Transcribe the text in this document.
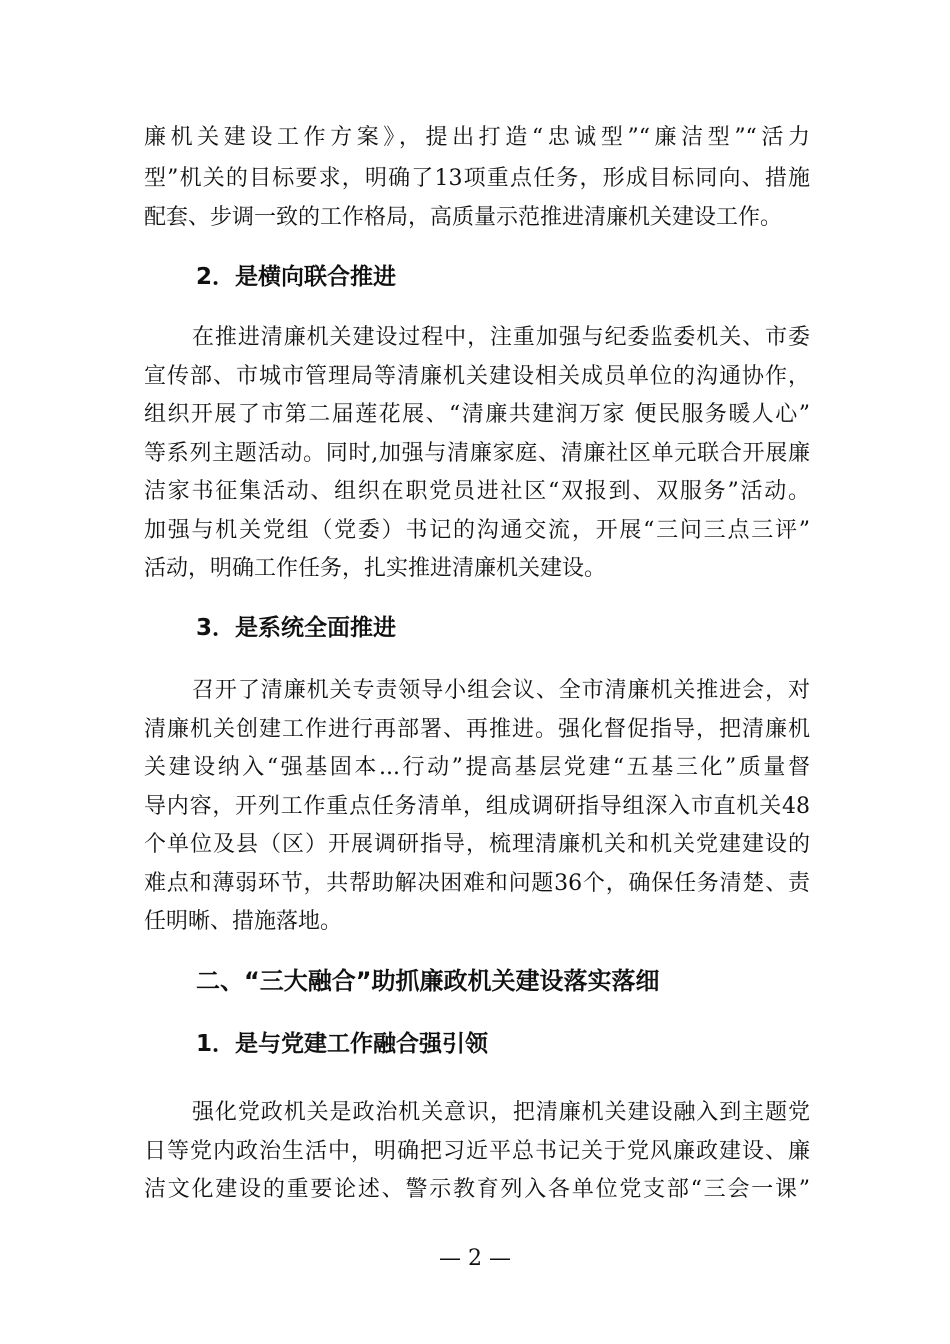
廉机关建设工作方案》，提出打造“忠诚型”“廉洁型”“活力
型”机关的目标要求，明确了13项重点任务，形成目标同向、措施
配套、步调一致的工作格局，高质量示范推进清廉机关建设工作。
2．是横向联合推进
在推进清廉机关建设过程中，注重加强与纪委监委机关、市委
宣传部、市城市管理局等清廉机关建设相关成员单位的沟通协作，
组织开展了市第二届莲花展、“清廉共建润万家 便民服务暖人心”
等系列主题活动。同时,加强与清廉家庭、清廉社区单元联合开展廉
洁家书征集活动、组织在职党员进社区“双报到、双服务”活动。
加强与机关党组（党委）书记的沟通交流，开展“三问三点三评”
活动，明确工作任务，扎实推进清廉机关建设。
3．是系统全面推进
召开了清廉机关专责领导小组会议、全市清廉机关推进会，对
清廉机关创建工作进行再部署、再推进。强化督促指导，把清廉机
关建设纳入“强基固本...行动”提高基层党建“五基三化”质量督
导内容，开列工作重点任务清单，组成调研指导组深入市直机关48
个单位及县（区）开展调研指导，梳理清廉机关和机关党建建设的
难点和薄弱环节，共帮助解决困难和问题36个，确保任务清楚、责
任明晰、措施落地。
二、“三大融合”助抓廉政机关建设落实落细
1．是与党建工作融合强引领
强化党政机关是政治机关意识，把清廉机关建设融入到主题党
日等党内政治生活中，明确把习近平总书记关于党风廉政建设、廉
洁文化建设的重要论述、警示教育列入各单位党支部“三会一课”
— 2 —
